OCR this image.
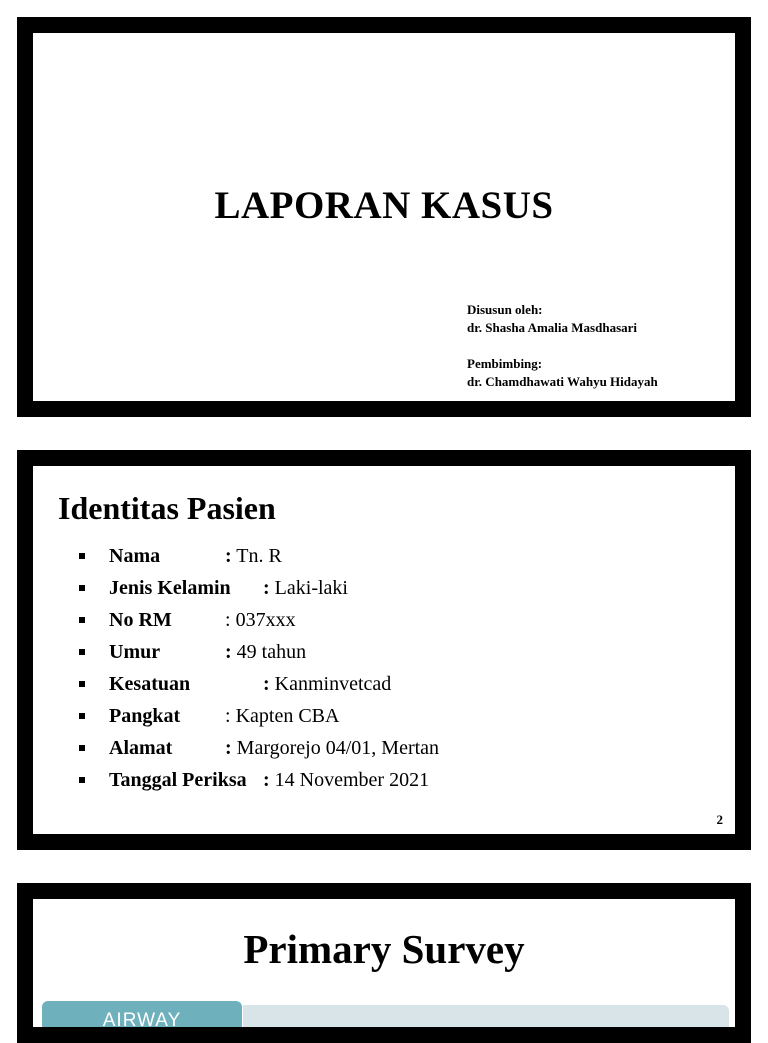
LAPORAN KASUS
Disusun oleh:
dr. Shasha Amalia Masdhasari
Pembimbing:
dr. Chamdhawati Wahyu Hidayah
Identitas Pasien
Nama	: Tn. R
Jenis Kelamin : Laki-laki
No RM	: 037xxx
Umur	: 49 tahun
Kesatuan	: Kanminvetcad
Pangkat : Kapten CBA
Alamat	: Margorejo 04/01, Mertan
Tanggal Periksa : 14 November 2021
2
Primary Survey
AIRWAY
